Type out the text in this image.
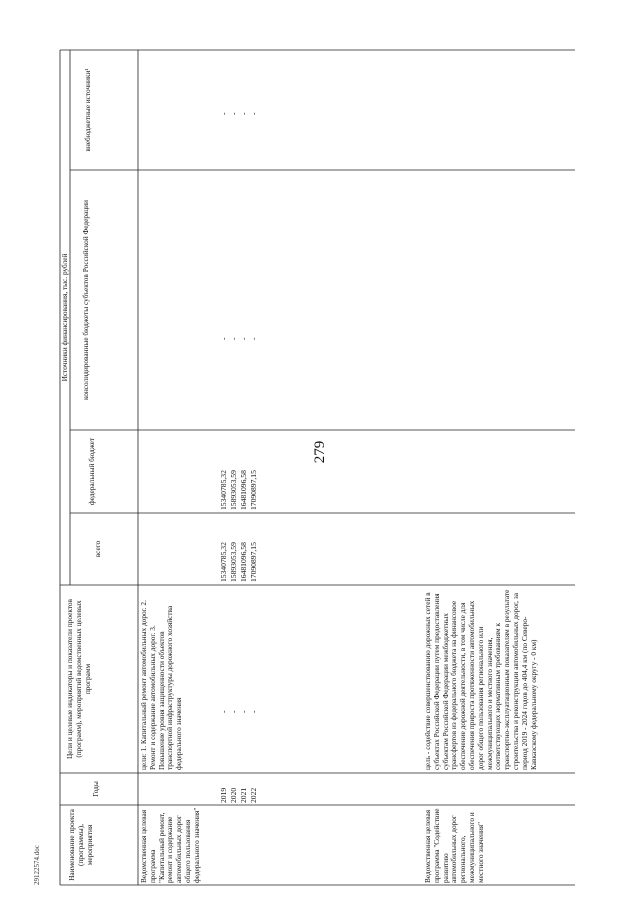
279
29122574.doc	Наименование проекта (программы), мероприятия
Годы
Цели и целевые индикаторы и показатели проектов (программ), мероприятий ведомственных целевых программ
Источники финансирования, тыс. рублей
всего
федеральный бюджет
консолидированные бюджеты субъектов Российской Федерации
внебюджетные источники¹
Ведомственная целевая программа "Капитальный ремонт, ремонт и содержание автомобильных дорог общего пользования федерального значения"
цели: 1. Капитальный ремонт автомобильных дорог. 2. Ремонт и содержание автомобильных дорог. 3. Повышение уровня защищенности объектов транспортной инфраструктуры дорожного хозяйства федерального значения
2019
-
15340785,32
15340785,32
-
-
2020
-
15893053,59
15893053,59
-
-
2021
-
16481096,58
16481096,58
-
-
2022
-
17090897,15
17090897,15
-
-
Ведомственная целевая программа "Содействие развитию автомобильных дорог регионального, межмуниципального и местного значения"
цель - содействие совершенствованию дорожных сетей в субъектах Российской Федерации путем предоставления субъектам Российской Федерации межбюджетных трансфертов из федерального бюджета на финансовое обеспечение дорожной деятельности, в том числе для обеспечения прироста протяженности автомобильных дорог общего пользования регионального или межмуниципального и местного значения, соответствующих нормативным требованиям к транспортно-эксплуатационным показателям в результате строительства и реконструкции автомобильных дорог, за период 2019 - 2024 годов до 404,4 км (по Северо-Кавказскому федеральному округу - 0 км)
